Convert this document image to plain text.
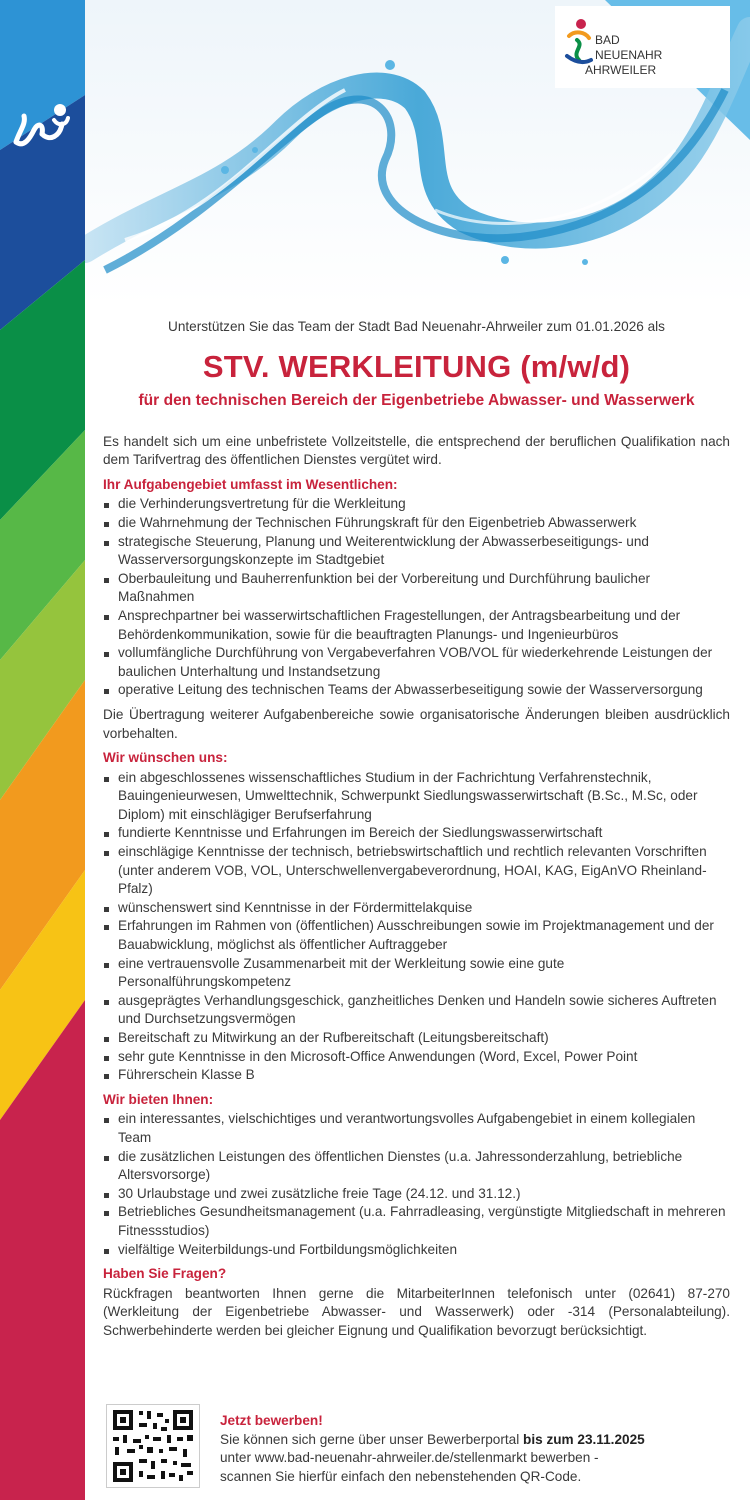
BAD
NEUENAHR
AHRWEILER

Unterstützen Sie das Team der Stadt Bad Neuenahr-Ahrweiler zum 01.01.2026 als

STV. WERKLEITUNG (m/w/d)
für den technischen Bereich der Eigenbetriebe Abwasser- und Wasserwerk

Es handelt sich um eine unbefristete Vollzeitstelle, die entsprechend der beruflichen Qualifikation nach dem Tarifvertrag des öffentlichen Dienstes vergütet wird.

Ihr Aufgabengebiet umfasst im Wesentlichen:
die Verhinderungsvertretung für die Werkleitung
die Wahrnehmung der Technischen Führungskraft für den Eigenbetrieb Abwasserwerk
strategische Steuerung, Planung und Weiterentwicklung der Abwasserbeseitigungs- und Wasserversorgungskonzepte im Stadtgebiet
Oberbauleitung und Bauherrenfunktion bei der Vorbereitung und Durchführung baulicher Maßnahmen
Ansprechpartner bei wasserwirtschaftlichen Fragestellungen, der Antragsbearbeitung und der Behördenkommunikation, sowie für die beauftragten Planungs- und Ingenieurbüros
vollumfängliche Durchführung von Vergabeverfahren VOB/VOL für wiederkehrende Leistungen der baulichen Unterhaltung und Instandsetzung
operative Leitung des technischen Teams der Abwasserbeseitigung sowie der Wasserversorgung

Die Übertragung weiterer Aufgabenbereiche sowie organisatorische Änderungen bleiben ausdrücklich vorbehalten.

Wir wünschen uns:
ein abgeschlossenes wissenschaftliches Studium in der Fachrichtung Verfahrenstechnik, Bauingenieurwesen, Umwelttechnik, Schwerpunkt Siedlungswasserwirtschaft (B.Sc., M.Sc, oder Diplom) mit einschlägiger Berufserfahrung
fundierte Kenntnisse und Erfahrungen im Bereich der Siedlungswasserwirtschaft
einschlägige Kenntnisse der technisch, betriebswirtschaftlich und rechtlich relevanten Vorschriften (unter anderem VOB, VOL, Unterschwellenvergabeverordnung, HOAI, KAG, EigAnVO Rheinland-Pfalz)
wünschenswert sind Kenntnisse in der Fördermittelakquise
Erfahrungen im Rahmen von (öffentlichen) Ausschreibungen sowie im Projektmanagement und der Bauabwicklung, möglichst als öffentlicher Auftraggeber
eine vertrauensvolle Zusammenarbeit mit der Werkleitung sowie eine gute Personalführungskompetenz
ausgeprägtes Verhandlungsgeschick, ganzheitliches Denken und Handeln sowie sicheres Auftreten und Durchsetzungsvermögen
Bereitschaft zu Mitwirkung an der Rufbereitschaft (Leitungsbereitschaft)
sehr gute Kenntnisse in den Microsoft-Office Anwendungen (Word, Excel, Power Point
Führerschein Klasse B
Wir bieten Ihnen:
ein interessantes, vielschichtiges und verantwortungsvolles Aufgabengebiet in einem kollegialen Team
die zusätzlichen Leistungen des öffentlichen Dienstes (u.a. Jahressonderzahlung, betriebliche Altersvorsorge)
30 Urlaubstage und zwei zusätzliche freie Tage (24.12. und 31.12.)
Betriebliches Gesundheitsmanagement (u.a. Fahrradleasing, vergünstigte Mitgliedschaft in mehreren Fitnessstudios)
vielfältige Weiterbildungs-und Fortbildungsmöglichkeiten
Haben Sie Fragen?

Rückfragen beantworten Ihnen gerne die MitarbeiterInnen telefonisch unter (02641) 87-270 (Werkleitung der Eigenbetriebe Abwasser- und Wasserwerk) oder -314 (Personalabteilung). Schwerbehinderte werden bei gleicher Eignung und Qualifikation bevorzugt berücksichtigt.

Jetzt bewerben!
Sie können sich gerne über unser Bewerberportal bis zum 23.11.2025
unter www.bad-neuenahr-ahrweiler.de/stellenmarkt bewerben -
scannen Sie hierfür einfach den nebenstehenden QR-Code.
